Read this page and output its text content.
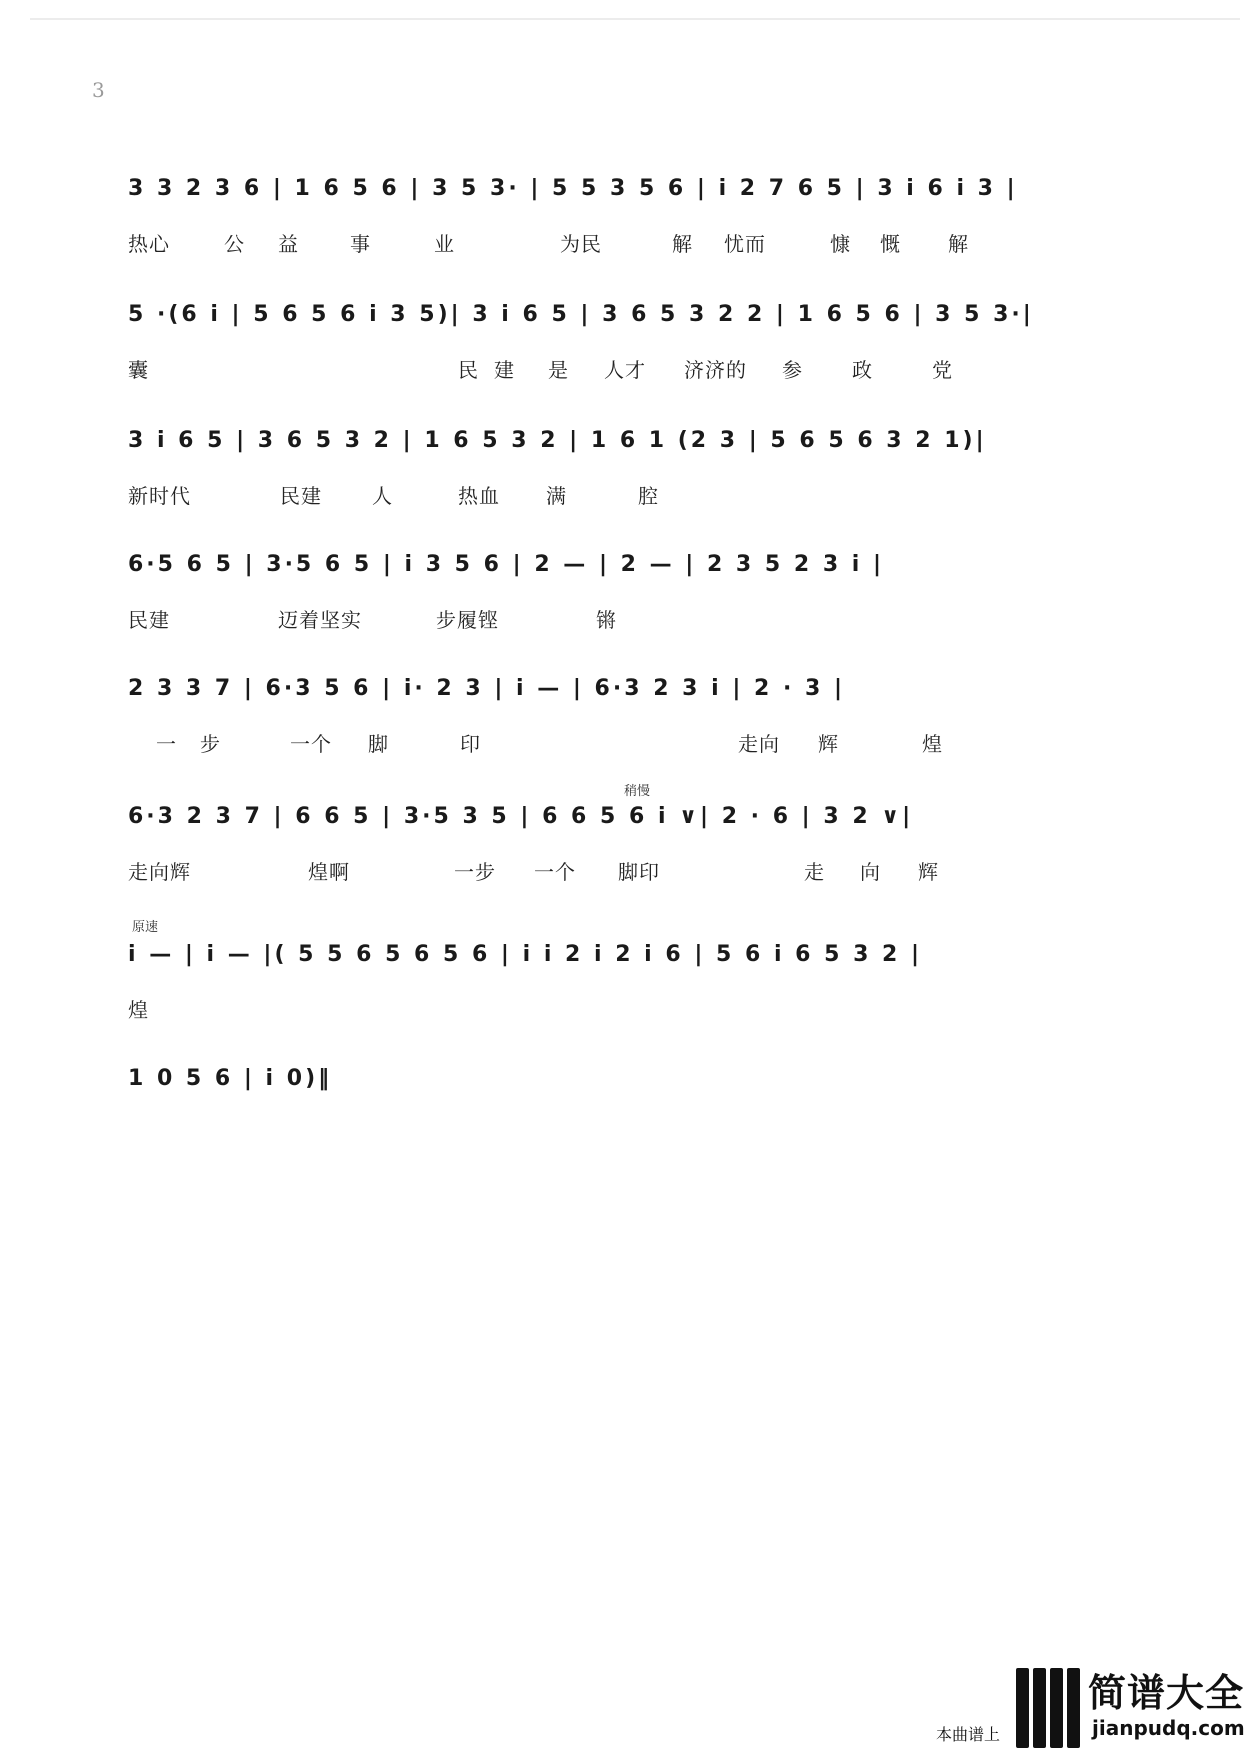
3
3 3 2 3 6 | 1 6 5 6 | 3 5 3· | 5 5 3 5 6 | i 2 7 6 5 | 3 i 6 i 3 |
热心	公 益	事	业	为民	解 忧而	慷 慨 解
5 ·(6 i | 5 6 5 6 i 3 5)| 3 i 6 5 | 3 6 5 3 2 2 | 1 6 5 6 | 3 5 3·|
囊	民 建 是 人才 济济的 参 政	党
3 i 6 5 | 3 6 5 3 2 | 1 6 5 3 2 | 1 6 1 (2 3 | 5 6 5 6 3 2 1)|
新时代	民建	人	热血 满	腔
6·5 6 5 | 3·5 6 5 | i 3 5 6 | 2 — | 2 — | 2 3 5 2 3 i |
民建	迈着坚实	步履铿	锵
2 3 3 7 | 6·3 5 6 | i· 2 3 | i — | 6·3 2 3 i | 2 · 3 |
一 步	一个 脚	印	走向 辉	煌
稍慢
6·3 2 3 7 | 6 6 5 | 3·5 3 5 | 6 6 5 6 i ∨| 2 · 6 | 3 2 ∨|
走向辉	煌啊	一步 一个 脚印	走 向 辉
原速
i — | i — |( 5 5 6 5 6 5 6 | i i 2 i 2 i 6 | 5 6 i 6 5 3 2 |
煌
1 0 5 6 | i 0)‖
本曲谱上
简谱大全
jianpudq.com
